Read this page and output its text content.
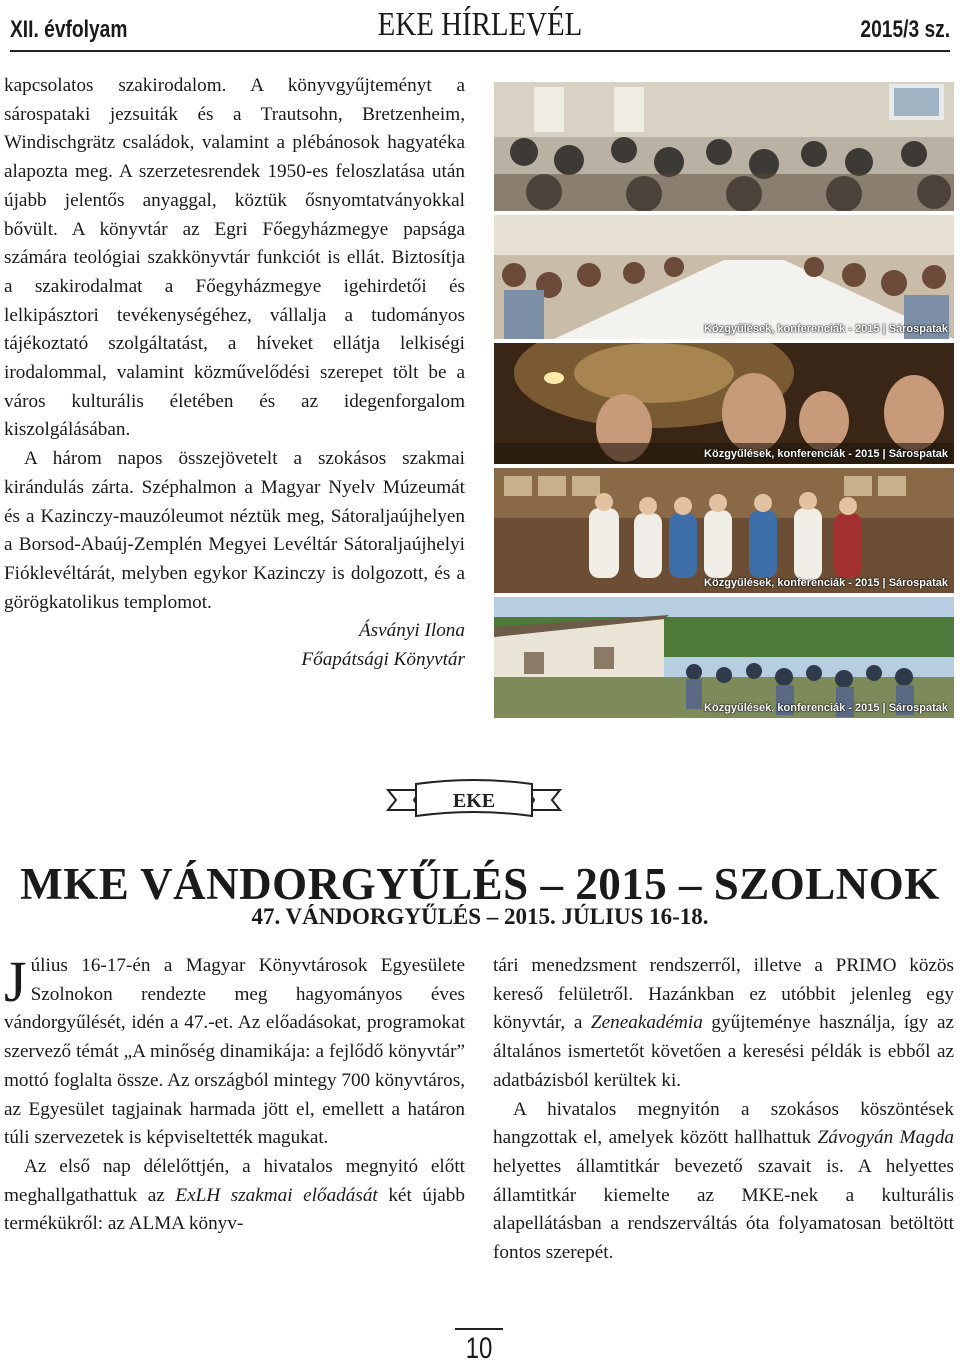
XII. évfolyam	EKE HÍRLEVÉL	2015/3 sz.

kapcsolatos szakirodalom. A könyvgyűjteményt a sárospataki jezsuiták és a Trautsohn, Bretzenheim, Windischgrätz családok, valamint a plébánosok hagyatéka alapozta meg. A szerzetesrendek 1950-es feloszlatása után újabb jelentős anyaggal, köztük ősnyomtatványokkal bővült. A könyvtár az Egri Főegyházmegye papsága számára teológiai szakkönyvtár funkciót is ellát. Biztosítja a szakirodalmat a Főegyházmegye igehirdetői és lelkipásztori tevékenységéhez, vállalja a tudományos tájékoztató szolgáltatást, a híveket ellátja lelkiségi irodalommal, valamint közművelődési szerepet tölt be a város kulturális életében és az idegenforgalom kiszolgálásában.

A három napos összejövetelt a szokásos szakmai kirándulás zárta. Széphalmon a Magyar Nyelv Múzeumát és a Kazinczy-mauzóleumot néztük meg, Sátoraljaújhelyen a Borsod-Abaúj-Zemplén Megyei Levéltár Sátoraljaújhelyi Fióklevéltárát, melyben egykor Kazinczy is dolgozott, és a görögkatolikus templomot.

Ásványi Ilona

Főapátsági Könyvtár

Közgyűlések, konferenciák - 2015 | Sárospatak
Közgyűlések, konferenciák - 2015 | Sárospatak
Közgyűlések, konferenciák - 2015 | Sárospatak
Közgyűlések, konferenciák - 2015 | Sárospatak
EKE
MKE VÁNDORGYŰLÉS – 2015 – SZOLNOK
47. VÁNDORGYŰLÉS – 2015. JÚLIUS 16-18.

Július 16-17-én a Magyar Könyvtárosok Egyesülete Szolnokon rendezte meg hagyományos éves vándorgyűlését, idén a 47.-et. Az előadásokat, programokat szervező témát „A minőség dinamikája: a fejlődő könyvtár” mottó foglalta össze. Az országból mintegy 700 könyvtáros, az Egyesület tagjainak harmada jött el, emellett a határon túli szervezetek is képviseltették magukat.

Az első nap délelőttjén, a hivatalos megnyitó előtt meghallgathattuk az ExLH szakmai előadását két újabb termékükről: az ALMA könyv-

tári menedzsment rendszerről, illetve a PRIMO közös kereső felületről. Hazánkban ez utóbbit jelenleg egy könyvtár, a Zeneakadémia gyűjteménye használja, így az általános ismertetőt követően a keresési példák is ebből az adatbázisból kerültek ki.

A hivatalos megnyitón a szokásos köszöntések hangzottak el, amelyek között hallhattuk Závogyán Magda helyettes államtitkár bevezető szavait is. A helyettes államtitkár kiemelte az MKE-nek a kulturális alapellátásban a rendszerváltás óta folyamatosan betöltött fontos szerepét.

10
